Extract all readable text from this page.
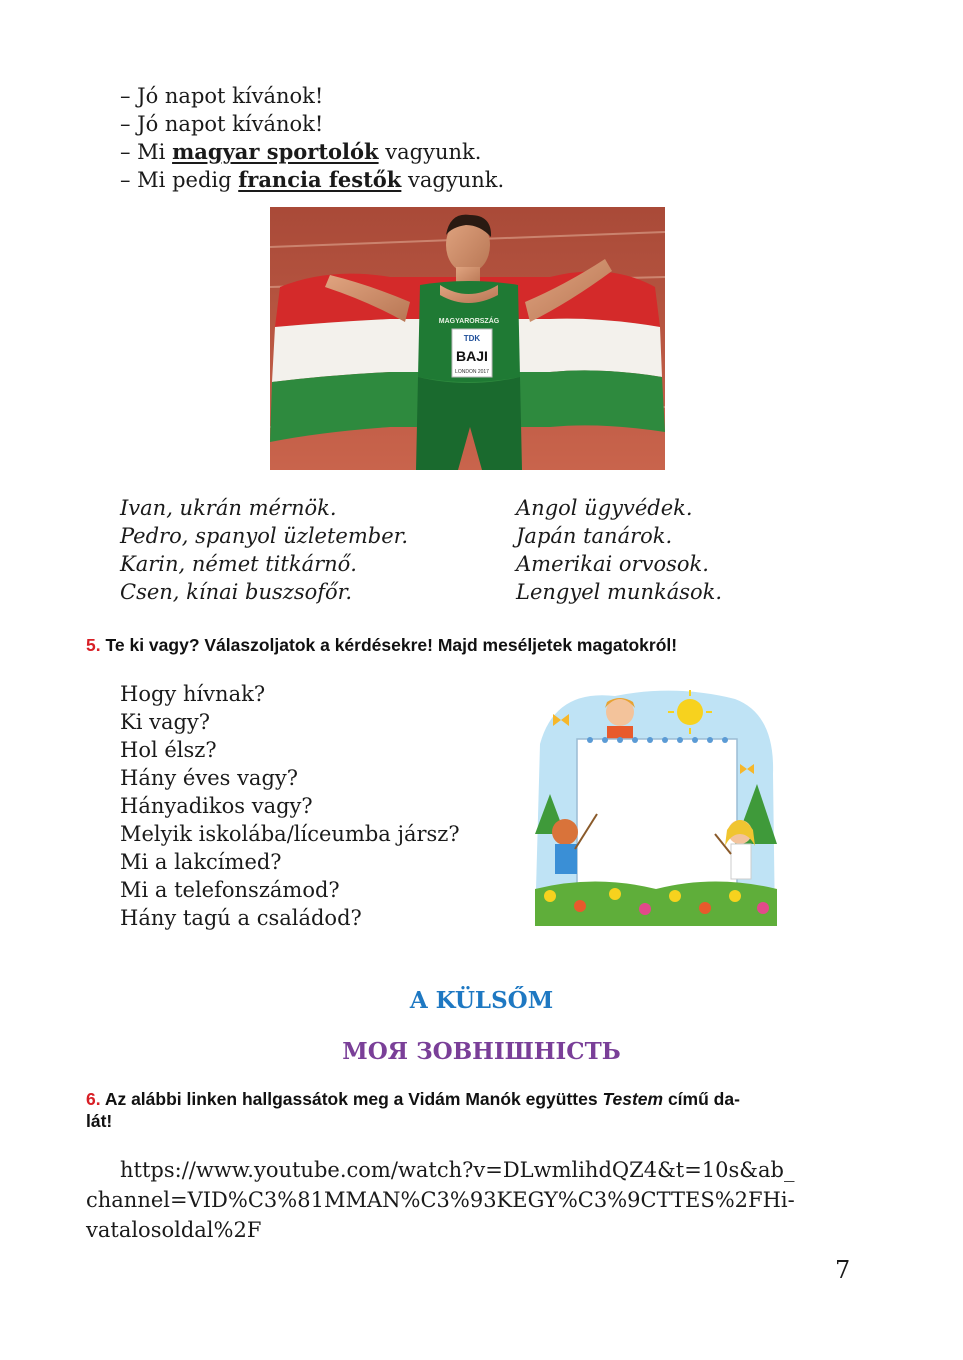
– Jó napot kívánok!
– Jó napot kívánok!
– Mi magyar sportolók vagyunk.
– Mi pedig francia festők vagyunk.
MAGYARORSZÁG
TDK
BAJI
LONDON 2017
Ivan, ukrán mérnök.
Pedro, spanyol üzletember.
Karin, német titkárnő.
Csen, kínai buszsofőr.
Angol ügyvédek.
Japán tanárok.
Amerikai orvosok.
Lengyel munkások.
5. Te ki vagy? Válaszoljatok a kérdésekre! Majd meséljetek magatokról!
Hogy hívnak?
Ki vagy?
Hol élsz?
Hány éves vagy?
Hányadikos vagy?
Melyik iskolába/líceumba jársz?
Mi a lakcímed?
Mi a telefonszámod?
Hány tagú a családod?
A KÜLSŐM
МОЯ ЗОВНІШНІСТЬ
6. Az alábbi linken hallgassátok meg a Vidám Manók együttes Testem című da-
lát!
https://www.youtube.com/watch?v=DLwmlihdQZ4&t=10s&ab_
channel=VID%C3%81MMAN%C3%93KEGY%C3%9CTTES%2FHi-
vatalosoldal%2F
7
